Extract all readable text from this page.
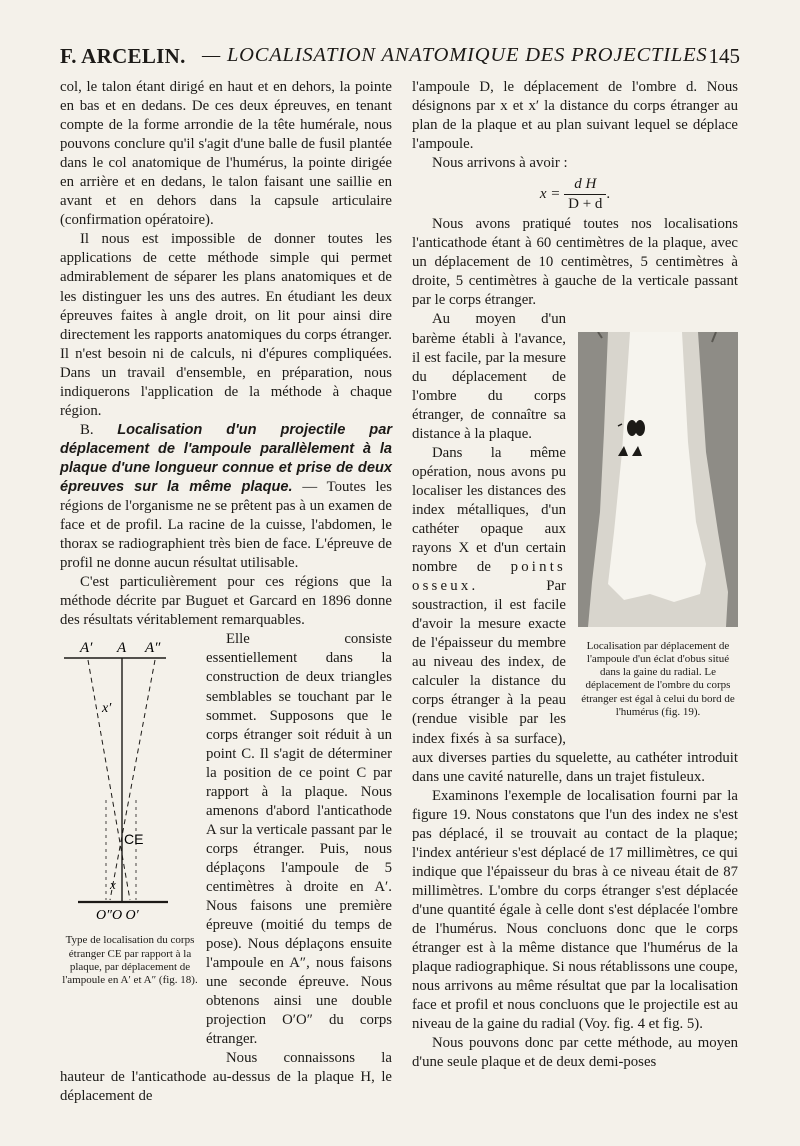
F. ARCELIN. — LOCALISATION ANATOMIQUE DES PROJECTILES 145

col, le talon étant dirigé en haut et en dehors, la pointe en bas et en dedans. De ces deux épreuves, en tenant compte de la forme arrondie de la tête humérale, nous pouvons conclure qu'il s'agit d'une balle de fusil plantée dans le col anatomique de l'humérus, la pointe dirigée en arrière et en dedans, le talon faisant une saillie en avant et en dehors dans la capsule articulaire (confirmation opératoire).

Il nous est impossible de donner toutes les applications de cette méthode simple qui permet admirablement de séparer les plans anatomiques et de les distinguer les uns des autres. En étudiant les deux épreuves faites à angle droit, on lit pour ainsi dire directement les rapports anatomiques du corps étranger. Il n'est besoin ni de calculs, ni d'épures compliquées. Dans un travail d'ensemble, en préparation, nous indiquerons l'application de la méthode à chaque région.

B. Localisation d'un projectile par déplacement de l'ampoule parallèlement à la plaque d'une longueur connue et prise de deux épreuves sur la même plaque. — Toutes les régions de l'organisme ne se prêtent pas à un examen de face et de profil. La racine de la cuisse, l'abdomen, le thorax se radiographient très bien de face. L'épreuve de profil ne donne aucun résultat utilisable.

C'est particulièrement pour ces régions que la méthode décrite par Buguet et Garcard en 1896 donne des résultats véritablement remarquables.

A′ A A″
x′
CE
x
O″O O′
Type de localisation du corps étranger CE par rapport à la plaque, par déplacement de l'ampoule en A′ et A″ (fig. 18).

Elle consiste essentiellement dans la construction de deux triangles semblables se touchant par le sommet. Supposons que le corps étranger soit réduit à un point C. Il s'agit de déterminer la position de ce point C par rapport à la plaque. Nous amenons d'abord l'anticathode A sur la verticale passant par le corps étranger. Puis, nous déplaçons l'ampoule de 5 centimètres à droite en A′. Nous faisons une première épreuve (moitié du temps de pose). Nous déplaçons ensuite l'ampoule en A″, nous faisons une seconde épreuve. Nous obtenons ainsi une double projection O′O″ du corps étranger.

Nous connaissons la hauteur de l'anticathode au-dessus de la plaque H, le déplacement de

l'ampoule D, le déplacement de l'ombre d. Nous désignons par x et x′ la distance du corps étranger au plan de la plaque et au plan suivant lequel se déplace l'ampoule.

Nous arrivons à avoir :

$x = \frac{\text{d H}}{D + d}$ .

Nous avons pratiqué toutes nos localisations l'anticathode étant à 60 centimètres de la plaque, avec un déplacement de 10 centimètres, 5 centimètres à droite, 5 centimètres à gauche de la verticale passant par le corps étranger.

Localisation par déplacement de l'ampoule d'un éclat d'obus situé dans la gaine du radial. Le déplacement de l'ombre du corps étranger est égal à celui du bord de l'humérus (fig. 19).

Au moyen d'un barème établi à l'avance, il est facile, par la mesure du déplacement de l'ombre du corps étranger, de connaître sa distance à la plaque.

Dans la même opération, nous avons pu localiser les distances des index métalliques, d'un cathéter opaque aux rayons X et d'un certain nombre de points osseux. Par soustraction, il est facile d'avoir la mesure exacte de l'épaisseur du membre au niveau des index, de calculer la distance du corps étranger à la peau (rendue visible par les index fixés à sa surface), aux diverses parties du squelette, au cathéter introduit dans une cavité naturelle, dans un trajet fistuleux.

Examinons l'exemple de localisation fourni par la figure 19. Nous constatons que l'un des index ne s'est pas déplacé, il se trouvait au contact de la plaque; l'index antérieur s'est déplacé de 17 millimètres, ce qui indique que l'épaisseur du bras à ce niveau était de 87 millimètres. L'ombre du corps étranger s'est déplacée d'une quantité égale à celle dont s'est déplacée l'ombre de l'humérus. Nous concluons donc que le corps étranger est à la même distance que l'humérus de la plaque radiographique. Si nous rétablissons une coupe, nous arrivons au même résultat que par la localisation face et profil et nous concluons que le projectile est au niveau de la gaine du radial (Voy. fig. 4 et fig. 5).

Nous pouvons donc par cette méthode, au moyen d'une seule plaque et de deux demi-poses
